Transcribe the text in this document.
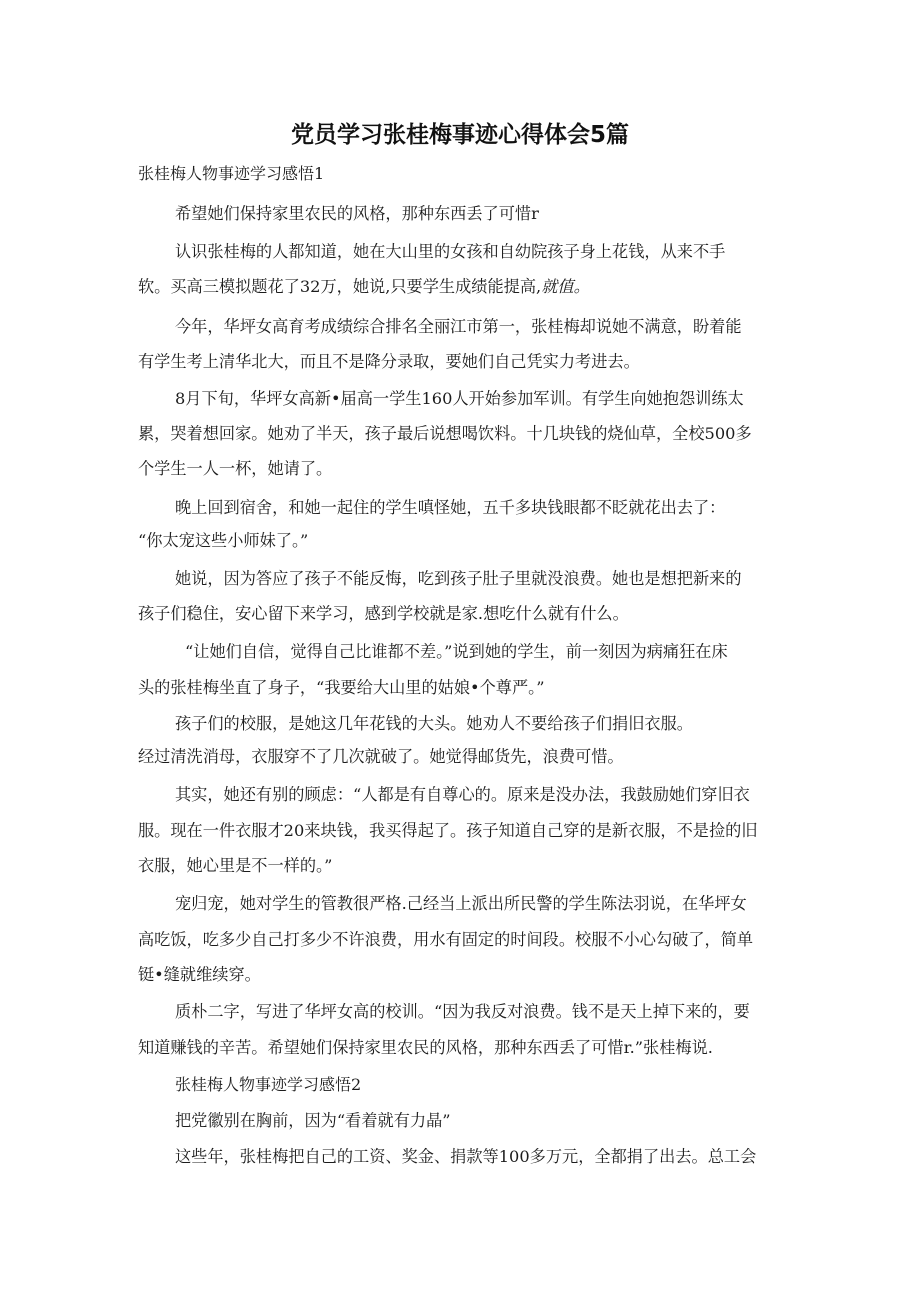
党员学习张桂梅事迹心得体会5篇
张桂梅人物事迹学习感悟1
希望她们保持家里农民的风格，那种东西丢了可惜r
认识张桂梅的人都知道，她在大山里的女孩和自幼院孩子身上花钱，从来不手
软。买高三模拟题花了32万，她说,只要学生成绩能提高,就值。
今年，华坪女高育考成绩综合排名全丽江市第一，张桂梅却说她不满意，盼着能
有学生考上清华北大，而且不是降分录取，要她们自己凭实力考进去。
8月下旬，华坪女高新•届高一学生160人开始参加军训。有学生向她抱怨训练太
累，哭着想回家。她劝了半天，孩子最后说想喝饮料。十几块钱的烧仙草，全校500多
个学生一人一杯，她请了。
晚上回到宿舍，和她一起住的学生嗔怪她，五千多块钱眼都不眨就花出去了：
“你太宠这些小师妹了。”
她说，因为答应了孩子不能反悔，吃到孩子肚子里就没浪费。她也是想把新来的
孩子们稳住，安心留下来学习，感到学校就是家.想吃什么就有什么。
“让她们自信，觉得自己比谁都不差。”说到她的学生，前一刻因为病痛狂在床
头的张桂梅坐直了身子，“我要给大山里的姑娘•个尊严。”
孩子们的校服，是她这几年花钱的大头。她劝人不要给孩子们捐旧衣服。
经过清洗消母，衣服穿不了几次就破了。她觉得邮货先，浪费可惜。
其实，她还有别的顾虑：“人都是有自尊心的。原来是没办法，我鼓励她们穿旧衣
服。现在一件衣服才20来块钱，我买得起了。孩子知道自己穿的是新衣服，不是捡的旧
衣服，她心里是不一样的。”
宠归宠，她对学生的管教很严格.己经当上派出所民警的学生陈法羽说，在华坪女
高吃饭，吃多少自己打多少不许浪费，用水有固定的时间段。校服不小心勾破了，简单
铤•缝就维续穿。
质朴二字，写进了华坪女高的校训。“因为我反对浪费。钱不是天上掉下来的，要
知道赚钱的辛苦。希望她们保持家里农民的风格，那种东西丢了可惜r.”张桂梅说.
张桂梅人物事迹学习感悟2
把党徽别在胸前，因为“看着就有力晶”
这些年，张桂梅把自己的工资、奖金、捐款等100多万元，全都捐了出去。总工会
